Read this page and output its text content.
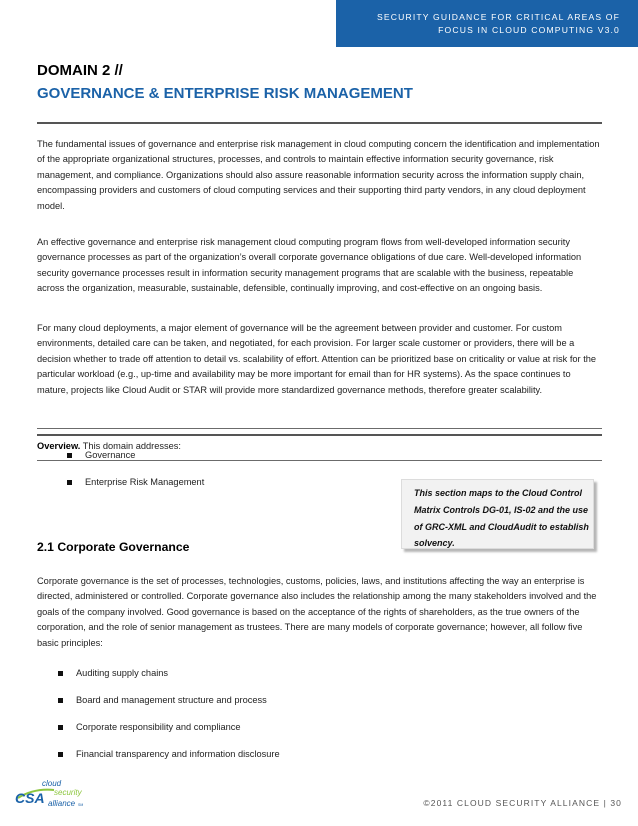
SECURITY GUIDANCE FOR CRITICAL AREAS OF
FOCUS IN CLOUD COMPUTING V3.0
DOMAIN 2 //
GOVERNANCE & ENTERPRISE RISK MANAGEMENT

The fundamental issues of governance and enterprise risk management in cloud computing concern the identification and implementation of the appropriate organizational structures, processes, and controls to maintain effective information security governance, risk management, and compliance. Organizations should also assure reasonable information security across the information supply chain, encompassing providers and customers of cloud computing services and their supporting third party vendors, in any cloud deployment model.

An effective governance and enterprise risk management cloud computing program flows from well-developed information security governance processes as part of the organization’s overall corporate governance obligations of due care. Well-developed information security governance processes result in information security management programs that are scalable with the business, repeatable across the organization, measurable, sustainable, defensible, continually improving, and cost-effective on an ongoing basis.

For many cloud deployments, a major element of governance will be the agreement between provider and customer. For custom environments, detailed care can be taken, and negotiated, for each provision. For larger scale customer or providers, there will be a decision whether to trade off attention to detail vs. scalability of effort. Attention can be prioritized base on criticality or value at risk for the particular workload (e.g., up-time and availability may be more important for email than for HR systems). As the space continues to mature, projects like Cloud Audit or STAR will provide more standardized governance methods, therefore greater scalability.

Overview. This domain addresses:
Governance
Enterprise Risk Management
This section maps to the Cloud Control Matrix Controls DG-01, IS-02 and the use of GRC-XML and CloudAudit to establish solvency.
2.1 Corporate Governance

Corporate governance is the set of processes, technologies, customs, policies, laws, and institutions affecting the way an enterprise is directed, administered or controlled. Corporate governance also includes the relationship among the many stakeholders involved and the goals of the company involved. Good governance is based on the acceptance of the rights of shareholders, as the true owners of the corporation, and the role of senior management as trustees. There are many models of corporate governance; however, all follow five basic principles:

Auditing supply chains
Board and management structure and process
Corporate responsibility and compliance
Financial transparency and information disclosure
cloud
security
CSA alliance SM	©2011 CLOUD SECURITY ALLIANCE | 30
